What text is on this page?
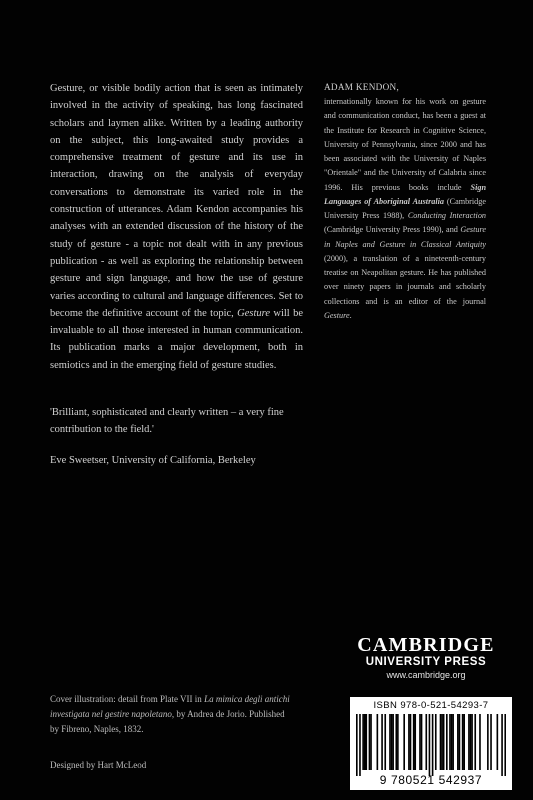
Gesture, or visible bodily action that is seen as intimately involved in the activity of speaking, has long fascinated scholars and laymen alike. Written by a leading authority on the subject, this long-awaited study provides a comprehensive treatment of gesture and its use in interaction, drawing on the analysis of everyday conversations to demonstrate its varied role in the construction of utterances. Adam Kendon accompanies his analyses with an extended discussion of the history of the study of gesture - a topic not dealt with in any previous publication - as well as exploring the relationship between gesture and sign language, and how the use of gesture varies according to cultural and language differences. Set to become the definitive account of the topic, Gesture will be invaluable to all those interested in human communication. Its publication marks a major development, both in semiotics and in the emerging field of gesture studies.

'Brilliant, sophisticated and clearly written – a very fine contribution to the field.'

Eve Sweetser, University of California, Berkeley

ADAM KENDON,

internationally known for his work on gesture and communication conduct, has been a guest at the Institute for Research in Cognitive Science, University of Pennsylvania, since 2000 and has been associated with the University of Naples "Orientale" and the University of Calabria since 1996. His previous books include Sign Languages of Aboriginal Australia (Cambridge University Press 1988), Conducting Interaction (Cambridge University Press 1990), and Gesture in Naples and Gesture in Classical Antiquity (2000), a translation of a nineteenth-century treatise on Neapolitan gesture. He has published over ninety papers in journals and scholarly collections and is an editor of the journal Gesture.

Cover illustration: detail from Plate VII in La mimica degli antichi investigata nel gestire napoletano, by Andrea de Jorio. Published by Fibreno, Naples, 1832.

Designed by Hart McLeod
CAMBRIDGE
UNIVERSITY PRESS
www.cambridge.org
ISBN 978-0-521-54293-7
9 780521 542937
